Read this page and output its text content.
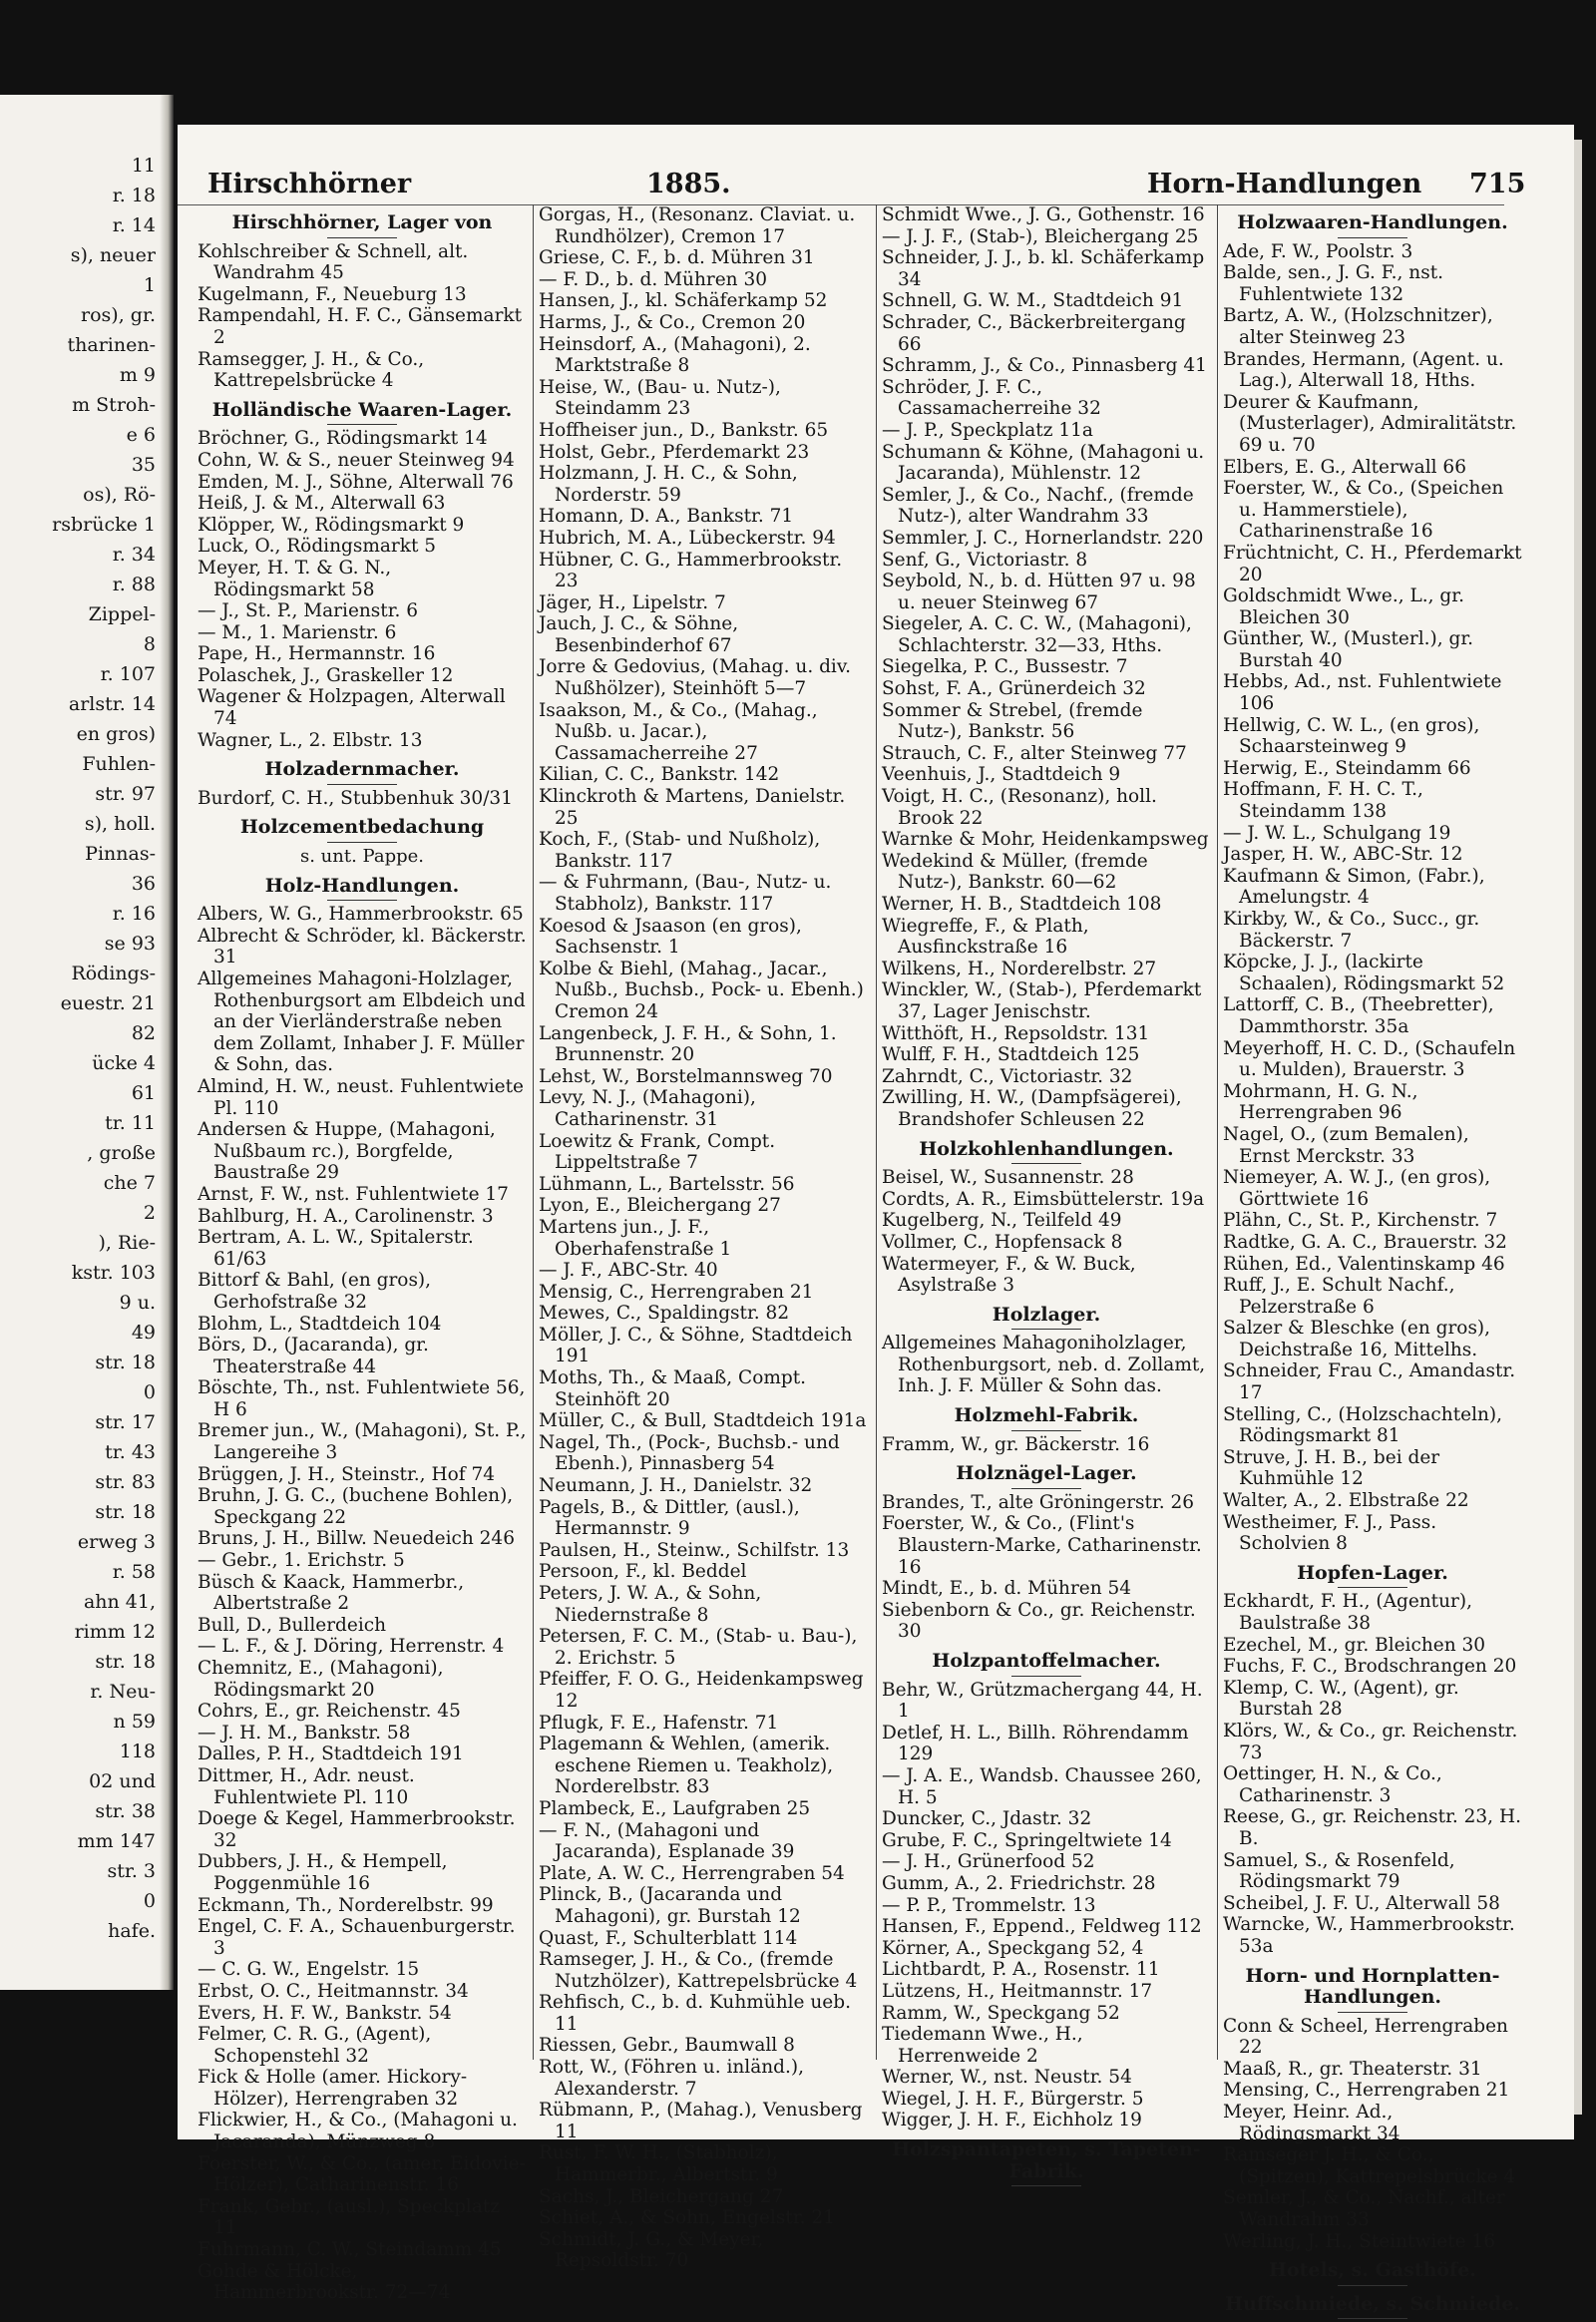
11
r. 18
r. 14
s), neuer
1
ros), gr.
tharinen-
m 9
m Stroh-
e 6
35
os), Rö-
rsbrücke 1
r. 34
r. 88
Zippel-
8
r. 107
arlstr. 14
en gros)
Fuhlen-
str. 97
s), holl.
Pinnas-
36
r. 16
se 93
Rödings-
euestr. 21
82
ücke 4
61
tr. 11
, große
che 7
2
), Rie-
kstr. 103
9 u.
49
str. 18
0
str. 17
tr. 43
str. 83
str. 18
erweg 3
r. 58
ahn 41,
rimm 12
str. 18
r. Neu-
n 59
118
02 und
str. 38
mm 147
str. 3
0
hafe.
Hirschhörner	1885.	Horn-Handlungen 715
Hirschhörner, Lager von
Kohlschreiber & Schnell, alt. Wandrahm 45
Kugelmann, F., Neueburg 13
Rampendahl, H. F. C., Gänsemarkt 2
Ramsegger, J. H., & Co., Kattrepelsbrücke 4
Holländische Waaren-Lager.
Bröchner, G., Rödingsmarkt 14
Cohn, W. & S., neuer Steinweg 94
Emden, M. J., Söhne, Alterwall 76
Heiß, J. & M., Alterwall 63
Klöpper, W., Rödingsmarkt 9
Luck, O., Rödingsmarkt 5
Meyer, H. T. & G. N., Rödingsmarkt 58
— J., St. P., Marienstr. 6
— M., 1. Marienstr. 6
Pape, H., Hermannstr. 16
Polaschek, J., Graskeller 12
Wagener & Holzpagen, Alterwall 74
Wagner, L., 2. Elbstr. 13
Holzadernmacher.
Burdorf, C. H., Stubbenhuk 30/31
Holzcementbedachung
s. unt. Pappe.
Holz-Handlungen.
Albers, W. G., Hammerbrookstr. 65
Albrecht & Schröder, kl. Bäckerstr. 31
Allgemeines Mahagoni-Holzlager, Rothenburgsort am Elbdeich und an der Vierländerstraße neben dem Zollamt, Inhaber J. F. Müller & Sohn, das.
Almind, H. W., neust. Fuhlentwiete Pl. 110
Andersen & Huppe, (Mahagoni, Nußbaum rc.), Borgfelde, Baustraße 29
Arnst, F. W., nst. Fuhlentwiete 17
Bahlburg, H. A., Carolinenstr. 3
Bertram, A. L. W., Spitalerstr. 61/63
Bittorf & Bahl, (en gros), Gerhofstraße 32
Blohm, L., Stadtdeich 104
Börs, D., (Jacaranda), gr. Theaterstraße 44
Böschte, Th., nst. Fuhlentwiete 56, H 6
Bremer jun., W., (Mahagoni), St. P., Langereihe 3
Brüggen, J. H., Steinstr., Hof 74
Bruhn, J. G. C., (buchene Bohlen), Speckgang 22
Bruns, J. H., Billw. Neuedeich 246
— Gebr., 1. Erichstr. 5
Büsch & Kaack, Hammerbr., Albertstraße 2
Bull, D., Bullerdeich
— L. F., & J. Döring, Herrenstr. 4
Chemnitz, E., (Mahagoni), Rödingsmarkt 20
Cohrs, E., gr. Reichenstr. 45
— J. H. M., Bankstr. 58
Dalles, P. H., Stadtdeich 191
Dittmer, H., Adr. neust. Fuhlentwiete Pl. 110
Doege & Kegel, Hammerbrookstr. 32
Dubbers, J. H., & Hempell, Poggenmühle 16
Eckmann, Th., Norderelbstr. 99
Engel, C. F. A., Schauenburgerstr. 3
— C. G. W., Engelstr. 15
Erbst, O. C., Heitmannstr. 34
Evers, H. F. W., Bankstr. 54
Felmer, C. R. G., (Agent), Schopenstehl 32
Fick & Holle (amer. Hickory-Hölzer), Herrengraben 32
Flickwier, H., & Co., (Mahagoni u. Jacaranda), Münzweg 8
Foerster, W., & Co., (amer. Eidovie-Hölzer), Catharinenstr. 16
Frank, Gebr., (ausl.), Speckplatz 11
Fuhrmann, C. W., Steindamm 45
Gohde & Hölcke, Hammerbrookstr. 72—74
Gorgas, H., (Resonanz. Claviat. u. Rundhölzer), Cremon 17
Griese, C. F., b. d. Mühren 31
— F. D., b. d. Mühren 30
Hansen, J., kl. Schäferkamp 52
Harms, J., & Co., Cremon 20
Heinsdorf, A., (Mahagoni), 2. Marktstraße 8
Heise, W., (Bau- u. Nutz-), Steindamm 23
Hoffheiser jun., D., Bankstr. 65
Holst, Gebr., Pferdemarkt 23
Holzmann, J. H. C., & Sohn, Norderstr. 59
Homann, D. A., Bankstr. 71
Hubrich, M. A., Lübeckerstr. 94
Hübner, C. G., Hammerbrookstr. 23
Jäger, H., Lipelstr. 7
Jauch, J. C., & Söhne, Besenbinderhof 67
Jorre & Gedovius, (Mahag. u. div. Nußhölzer), Steinhöft 5—7
Isaakson, M., & Co., (Mahag., Nußb. u. Jacar.), Cassamacherreihe 27
Kilian, C. C., Bankstr. 142
Klinckroth & Martens, Danielstr. 25
Koch, F., (Stab- und Nußholz), Bankstr. 117
— & Fuhrmann, (Bau-, Nutz- u. Stabholz), Bankstr. 117
Koesod & Jsaason (en gros), Sachsenstr. 1
Kolbe & Biehl, (Mahag., Jacar., Nußb., Buchsb., Pock- u. Ebenh.) Cremon 24
Langenbeck, J. F. H., & Sohn, 1. Brunnenstr. 20
Lehst, W., Borstelmannsweg 70
Levy, N. J., (Mahagoni), Catharinenstr. 31
Loewitz & Frank, Compt. Lippeltstraße 7
Lühmann, L., Bartelsstr. 56
Lyon, E., Bleichergang 27
Martens jun., J. F., Oberhafenstraße 1
— J. F., ABC-Str. 40
Mensig, C., Herrengraben 21
Mewes, C., Spaldingstr. 82
Möller, J. C., & Söhne, Stadtdeich 191
Moths, Th., & Maaß, Compt. Steinhöft 20
Müller, C., & Bull, Stadtdeich 191a
Nagel, Th., (Pock-, Buchsb.- und Ebenh.), Pinnasberg 54
Neumann, J. H., Danielstr. 32
Pagels, B., & Dittler, (ausl.), Hermannstr. 9
Paulsen, H., Steinw., Schilfstr. 13
Persoon, F., kl. Beddel
Peters, J. W. A., & Sohn, Niedernstraße 8
Petersen, F. C. M., (Stab- u. Bau-), 2. Erichstr. 5
Pfeiffer, F. O. G., Heidenkampsweg 12
Pflugk, F. E., Hafenstr. 71
Plagemann & Wehlen, (amerik. eschene Riemen u. Teakholz), Norderelbstr. 83
Plambeck, E., Laufgraben 25
— F. N., (Mahagoni und Jacaranda), Esplanade 39
Plate, A. W. C., Herrengraben 54
Plinck, B., (Jacaranda und Mahagoni), gr. Burstah 12
Quast, F., Schulterblatt 114
Ramseger, J. H., & Co., (fremde Nutzhölzer), Kattrepelsbrücke 4
Rehfisch, C., b. d. Kuhmühle ueb. 11
Riessen, Gebr., Baumwall 8
Rott, W., (Föhren u. inländ.), Alexanderstr. 7
Rübmann, P., (Mahag.), Venusberg 11
Rust, F. W. H., (Stabholz), Hammerbr., Albertstr. 9
Sachs, J., Bleichergang 27
Schiet, A., & Sohn, Engelstr. 21
Schmidt, J. G., & Meyer, Repsoldstr. 70
Schmidt Wwe., J. G., Gothenstr. 16
— J. J. F., (Stab-), Bleichergang 25
Schneider, J. J., b. kl. Schäferkamp 34
Schnell, G. W. M., Stadtdeich 91
Schrader, C., Bäckerbreitergang 66
Schramm, J., & Co., Pinnasberg 41
Schröder, J. F. C., Cassamacherreihe 32
— J. P., Speckplatz 11a
Schumann & Köhne, (Mahagoni u. Jacaranda), Mühlenstr. 12
Semler, J., & Co., Nachf., (fremde Nutz-), alter Wandrahm 33
Semmler, J. C., Hornerlandstr. 220
Senf, G., Victoriastr. 8
Seybold, N., b. d. Hütten 97 u. 98 u. neuer Steinweg 67
Siegeler, A. C. C. W., (Mahagoni), Schlachterstr. 32—33, Hths.
Siegelka, P. C., Bussestr. 7
Sohst, F. A., Grünerdeich 32
Sommer & Strebel, (fremde Nutz-), Bankstr. 56
Strauch, C. F., alter Steinweg 77
Veenhuis, J., Stadtdeich 9
Voigt, H. C., (Resonanz), holl. Brook 22
Warnke & Mohr, Heidenkampsweg
Wedekind & Müller, (fremde Nutz-), Bankstr. 60—62
Werner, H. B., Stadtdeich 108
Wiegreffe, F., & Plath, Ausfinckstraße 16
Wilkens, H., Norderelbstr. 27
Winckler, W., (Stab-), Pferdemarkt 37, Lager Jenischstr.
Witthöft, H., Repsoldstr. 131
Wulff, F. H., Stadtdeich 125
Zahrndt, C., Victoriastr. 32
Zwilling, H. W., (Dampfsägerei), Brandshofer Schleusen 22
Holzkohlenhandlungen.
Beisel, W., Susannenstr. 28
Cordts, A. R., Eimsbüttelerstr. 19a
Kugelberg, N., Teilfeld 49
Vollmer, C., Hopfensack 8
Watermeyer, F., & W. Buck, Asylstraße 3
Holzlager.
Allgemeines Mahagoniholzlager, Rothenburgsort, neb. d. Zollamt, Inh. J. F. Müller & Sohn das.
Holzmehl-Fabrik.
Framm, W., gr. Bäckerstr. 16
Holznägel-Lager.
Brandes, T., alte Gröningerstr. 26
Foerster, W., & Co., (Flint's Blaustern-Marke, Catharinenstr. 16
Mindt, E., b. d. Mühren 54
Siebenborn & Co., gr. Reichenstr. 30
Holzpantoffelmacher.
Behr, W., Grützmachergang 44, H. 1
Detlef, H. L., Billh. Röhrendamm 129
— J. A. E., Wandsb. Chaussee 260, H. 5
Duncker, C., Jdastr. 32
Grube, F. C., Springeltwiete 14
— J. H., Grünerfood 52
Gumm, A., 2. Friedrichstr. 28
— P. P., Trommelstr. 13
Hansen, F., Eppend., Feldweg 112
Körner, A., Speckgang 52, 4
Lichtbardt, P. A., Rosenstr. 11
Lützens, H., Heitmannstr. 17
Ramm, W., Speckgang 52
Tiedemann Wwe., H., Herrenweide 2
Werner, W., nst. Neustr. 54
Wiegel, J. H. F., Bürgerstr. 5
Wigger, J. H. F., Eichholz 19
Holzspantapeten, s. Tapeten-Fabrik.
Holzwaaren-Handlungen.
Ade, F. W., Poolstr. 3
Balde, sen., J. G. F., nst. Fuhlentwiete 132
Bartz, A. W., (Holzschnitzer), alter Steinweg 23
Brandes, Hermann, (Agent. u. Lag.), Alterwall 18, Hths.
Deurer & Kaufmann, (Musterlager), Admiralitätstr. 69 u. 70
Elbers, E. G., Alterwall 66
Foerster, W., & Co., (Speichen u. Hammerstiele), Catharinenstraße 16
Früchtnicht, C. H., Pferdemarkt 20
Goldschmidt Wwe., L., gr. Bleichen 30
Günther, W., (Musterl.), gr. Burstah 40
Hebbs, Ad., nst. Fuhlentwiete 106
Hellwig, C. W. L., (en gros), Schaarsteinweg 9
Herwig, E., Steindamm 66
Hoffmann, F. H. C. T., Steindamm 138
— J. W. L., Schulgang 19
Jasper, H. W., ABC-Str. 12
Kaufmann & Simon, (Fabr.), Amelungstr. 4
Kirkby, W., & Co., Succ., gr. Bäckerstr. 7
Köpcke, J. J., (lackirte Schaalen), Rödingsmarkt 52
Lattorff, C. B., (Theebretter), Dammthorstr. 35a
Meyerhoff, H. C. D., (Schaufeln u. Mulden), Brauerstr. 3
Mohrmann, H. G. N., Herrengraben 96
Nagel, O., (zum Bemalen), Ernst Merckstr. 33
Niemeyer, A. W. J., (en gros), Görttwiete 16
Plähn, C., St. P., Kirchenstr. 7
Radtke, G. A. C., Brauerstr. 32
Rühen, Ed., Valentinskamp 46
Ruff, J., E. Schult Nachf., Pelzerstraße 6
Salzer & Bleschke (en gros), Deichstraße 16, Mittelhs.
Schneider, Frau C., Amandastr. 17
Stelling, C., (Holzschachteln), Rödingsmarkt 81
Struve, J. H. B., bei der Kuhmühle 12
Walter, A., 2. Elbstraße 22
Westheimer, F. J., Pass. Scholvien 8
Hopfen-Lager.
Eckhardt, F. H., (Agentur), Baulstraße 38
Ezechel, M., gr. Bleichen 30
Fuchs, F. C., Brodschrangen 20
Klemp, C. W., (Agent), gr. Burstah 28
Klörs, W., & Co., gr. Reichenstr. 73
Oettinger, H. N., & Co., Catharinenstr. 3
Reese, G., gr. Reichenstr. 23, H. B.
Samuel, S., & Rosenfeld, Rödingsmarkt 79
Scheibel, J. F. U., Alterwall 58
Warncke, W., Hammerbrookstr. 53a
Horn- und Hornplatten-Handlungen.
Conn & Scheel, Herrengraben 22
Maaß, R., gr. Theaterstr. 31
Mensing, C., Herrengraben 21
Meyer, Heinr. Ad., Rödingsmarkt 34
Ramseger J. H., & Co., (Spitzen), Kattrepelsbrücke 4
Semler, J., & Co., Nachf., alter Wandrahm 33
Werling, J. H., Steintwiete 16
Hotels, s. Gasthöfe.
Huffschmiede, s. Schmiede.
